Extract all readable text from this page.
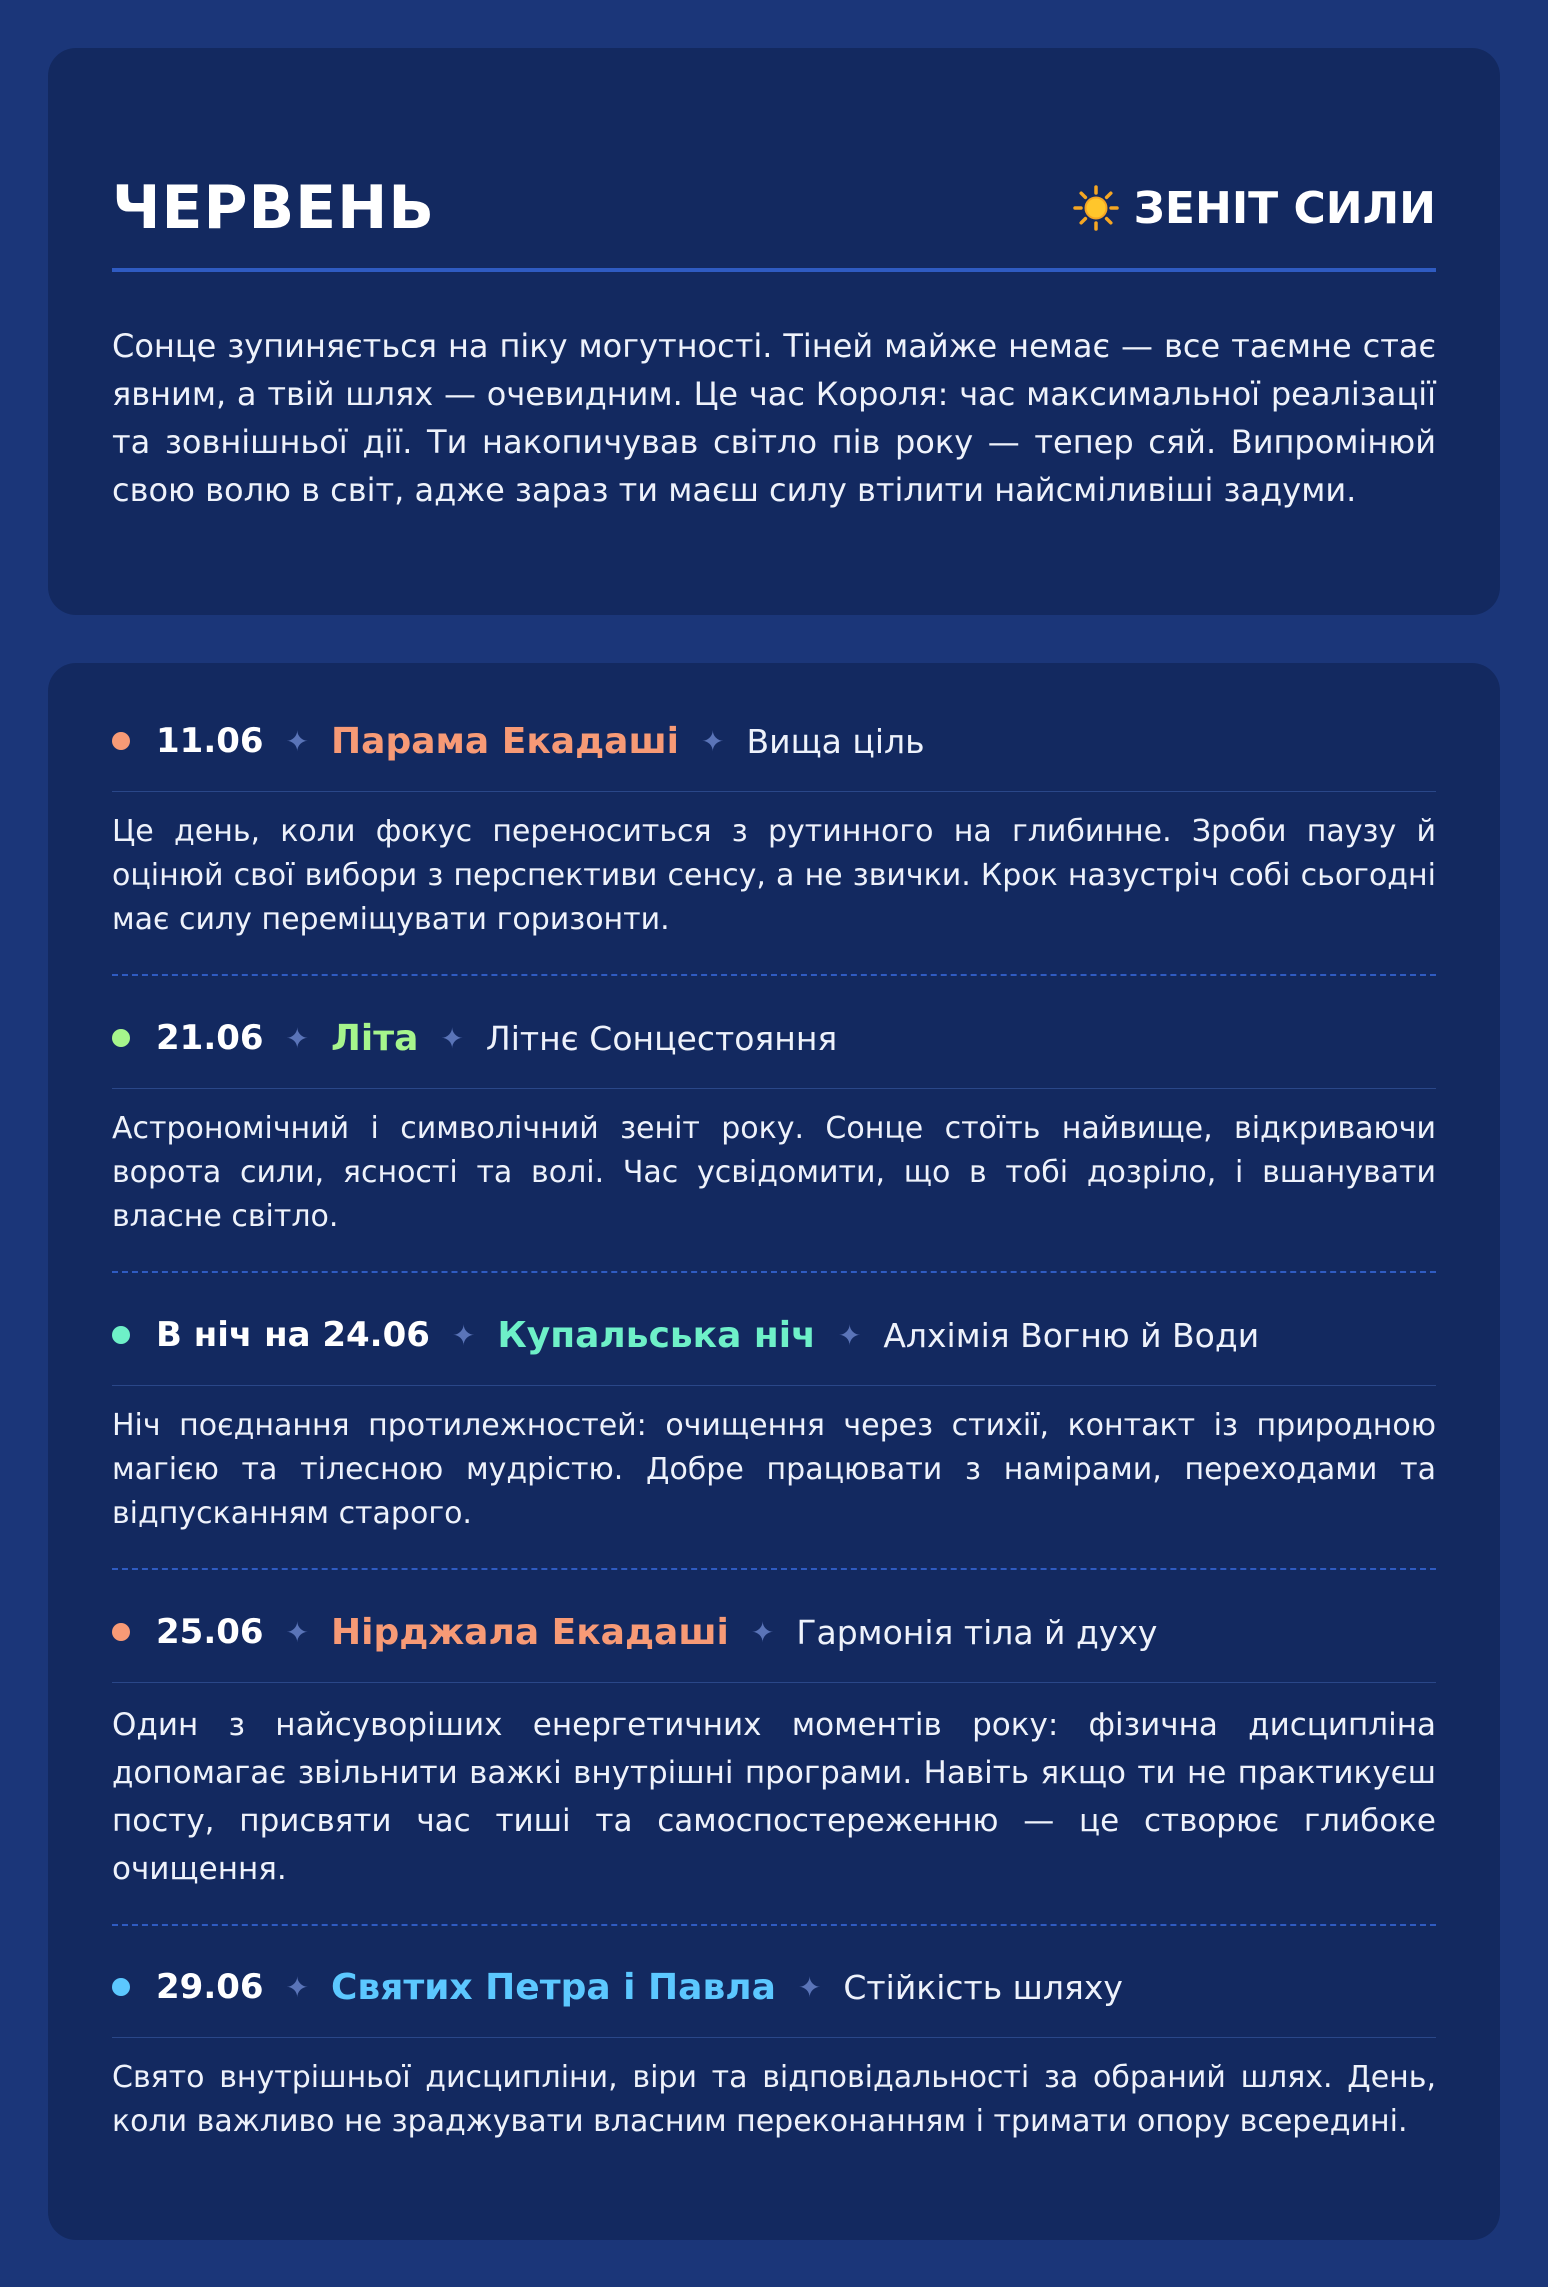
ЧЕРВЕНЬ	ЗЕНІТ СИЛИ

Сонце зупиняється на піку могутності. Тіней майже немає — все таємне стає явним, а твій шлях — очевидним. Це час Короля: час максимальної реалізації та зовнішньої дії. Ти накопичував світло пів року — тепер сяй. Випромінюй свою волю в світ, адже зараз ти маєш силу втілити найсміливіші задуми.

11.06 ✦ Парама Екадаші ✦ Вища ціль

Це день, коли фокус переноситься з рутинного на глибинне. Зроби паузу й оцінюй свої вибори з перспективи сенсу, а не звички. Крок назустріч собі сьогодні має силу переміщувати горизонти.

21.06 ✦ Літа ✦ Літнє Сонцестояння

Астрономічний і символічний зеніт року. Сонце стоїть найвище, відкриваючи ворота сили, ясності та волі. Час усвідомити, що в тобі дозріло, і вшанувати власне світло.

В ніч на 24.06 ✦ Купальська ніч ✦ Алхімія Вогню й Води

Ніч поєднання протилежностей: очищення через стихії, контакт із природною магією та тілесною мудрістю. Добре працювати з намірами, переходами та відпусканням старого.

25.06 ✦ Нірджала Екадаші ✦ Гармонія тіла й духу

Один з найсуворіших енергетичних моментів року: фізична дисципліна допомагає звільнити важкі внутрішні програми. Навіть якщо ти не практикуєш посту, присвяти час тиші та самоспостереженню — це створює глибоке очищення.

29.06 ✦ Святих Петра і Павла ✦ Стійкість шляху

Свято внутрішньої дисципліни, віри та відповідальності за обраний шлях. День, коли важливо не зраджувати власним переконанням і тримати опору всередині.
